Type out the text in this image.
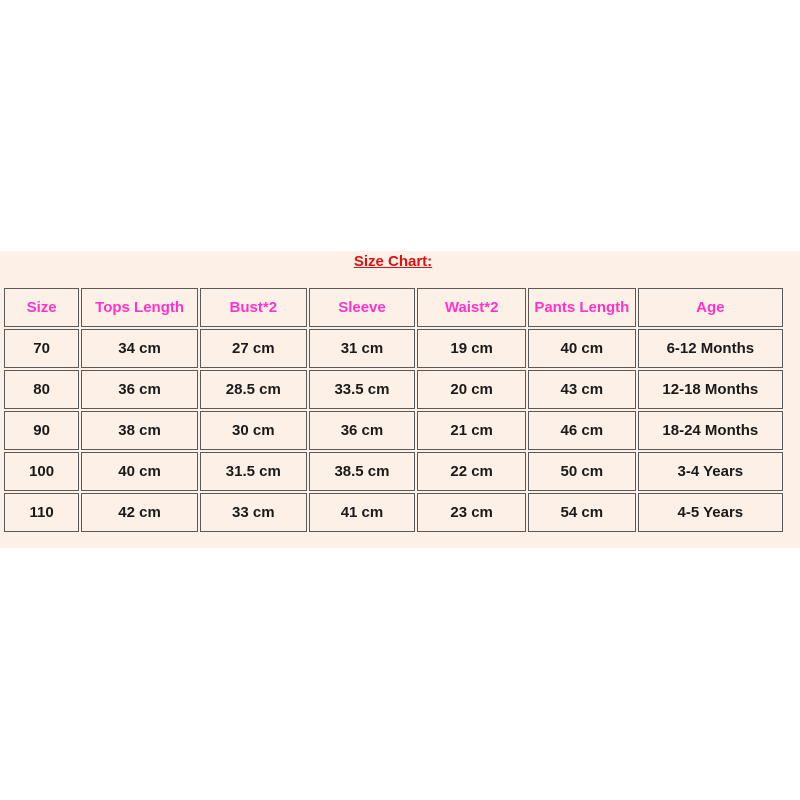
Size Chart:
Size	Tops Length	Bust*2	Sleeve	Waist*2	Pants Length	Age
70	34 cm	27 cm	31 cm	19 cm	40 cm	6-12 Months
80	36 cm	28.5 cm	33.5 cm	20 cm	43 cm	12-18 Months
90	38 cm	30 cm	36 cm	21 cm	46 cm	18-24 Months
100	40 cm	31.5 cm	38.5 cm	22 cm	50 cm	3-4 Years
110	42 cm	33 cm	41 cm	23 cm	54 cm	4-5 Years
